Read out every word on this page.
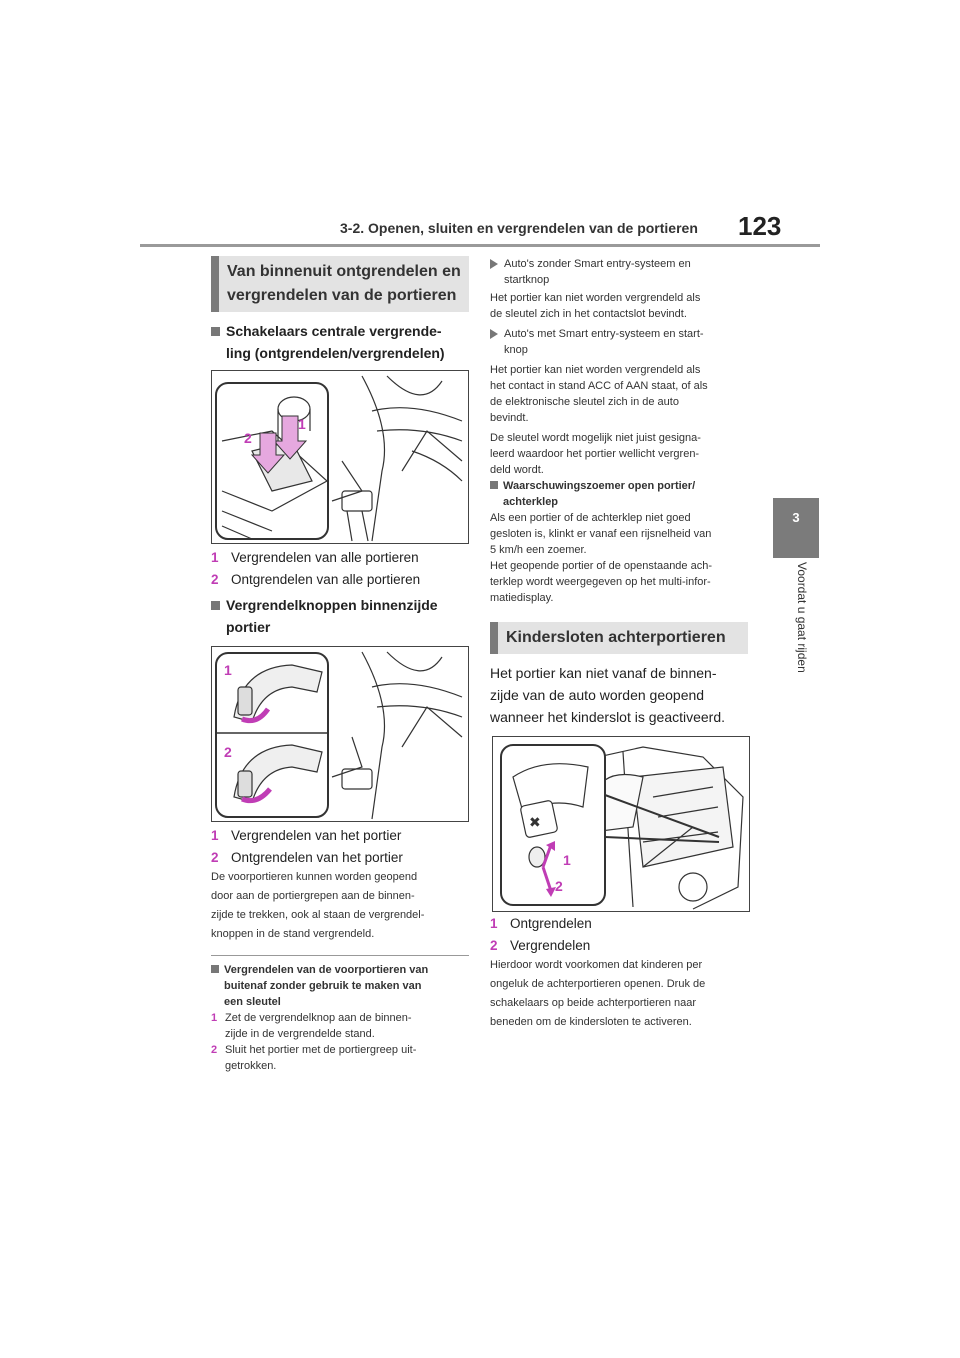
3-2. Openen, sluiten en vergrendelen van de portieren 123
3
Voordat u gaat rijden
Van binnenuit ontgrendelen en
vergrendelen van de portieren
Schakelaars centrale vergrende-
ling (ontgrendelen/vergrendelen)
1
2
1 Vergrendelen van alle portieren
2 Ontgrendelen van alle portieren
Vergrendelknoppen binnenzijde
portier
1
2
1 Vergrendelen van het portier
2 Ontgrendelen van het portier
De voorportieren kunnen worden geopend
door aan de portiergrepen aan de binnen-
zijde te trekken, ook al staan de vergrendel-
knoppen in de stand vergrendeld.
Vergrendelen van de voorportieren van
buitenaf zonder gebruik te maken van
een sleutel
1 Zet de vergrendelknop aan de binnen-
zijde in de vergrendelde stand.
2 Sluit het portier met de portiergreep uit-
getrokken.
Auto's zonder Smart entry-systeem en
startknop
Het portier kan niet worden vergrendeld als
de sleutel zich in het contactslot bevindt.
Auto's met Smart entry-systeem en start-
knop
Het portier kan niet worden vergrendeld als
het contact in stand ACC of AAN staat, of als
de elektronische sleutel zich in de auto
bevindt.
De sleutel wordt mogelijk niet juist gesigna-
leerd waardoor het portier wellicht vergren-
deld wordt.
Waarschuwingszoemer open portier/
achterklep
Als een portier of de achterklep niet goed
gesloten is, klinkt er vanaf een rijsnelheid van
5 km/h een zoemer.
Het geopende portier of de openstaande ach-
terklep wordt weergegeven op het multi-infor-
matiedisplay.
Kindersloten achterportieren
Het portier kan niet vanaf de binnen-
zijde van de auto worden geopend
wanneer het kinderslot is geactiveerd.
✖
1
2
1 Ontgrendelen
2 Vergrendelen
Hierdoor wordt voorkomen dat kinderen per
ongeluk de achterportieren openen. Druk de
schakelaars op beide achterportieren naar
beneden om de kindersloten te activeren.
